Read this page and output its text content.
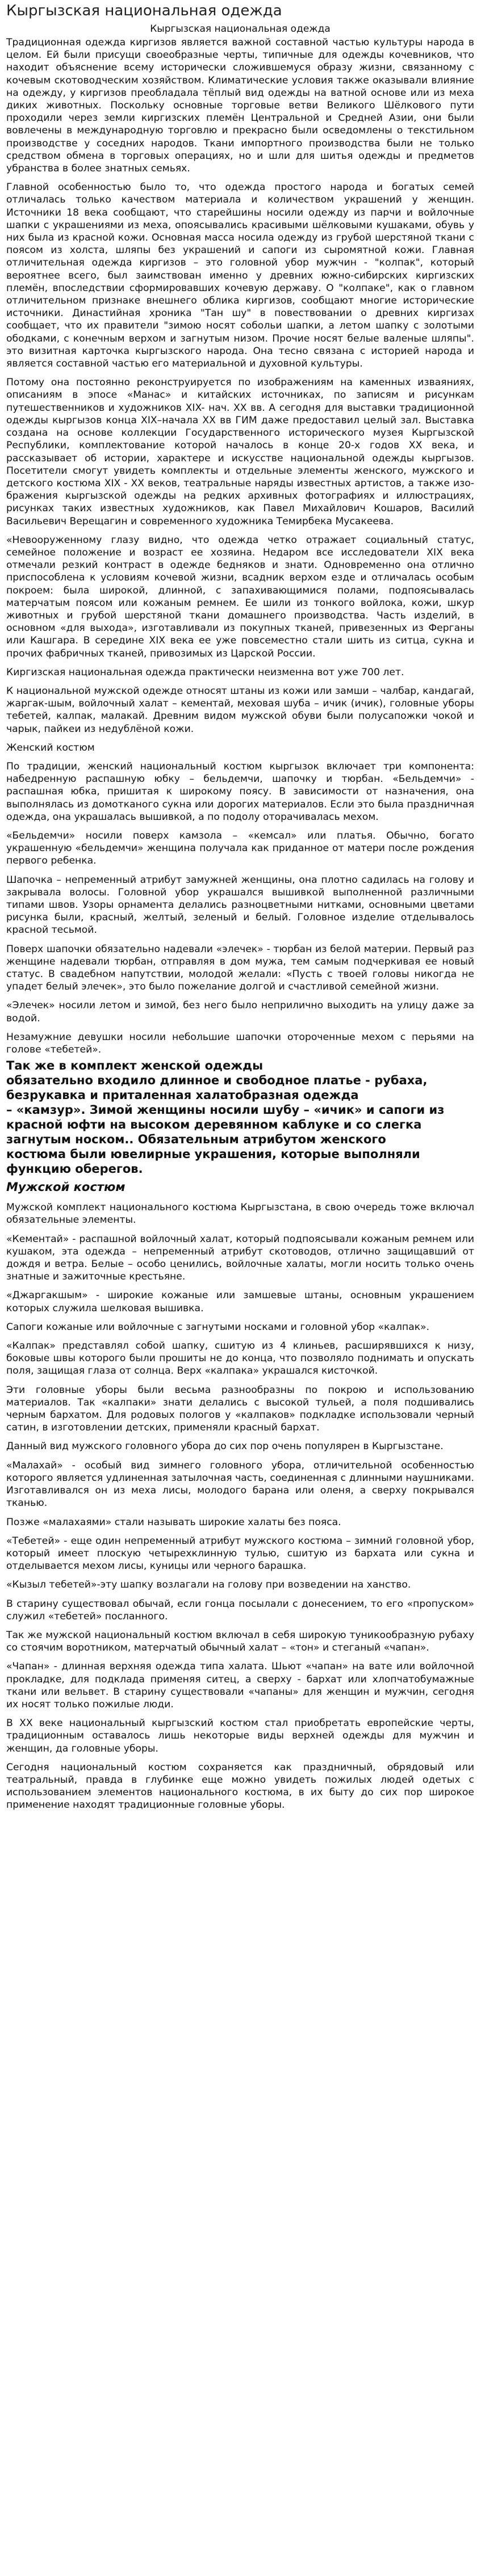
Кыргызская национальная одежда
Кыргызская национальная одежда
Традиционная одежда киргизов является важной составной частью культуры народа в целом. Ей были присущи своеобразные черты, типичные для одежды кочевников, что находит объяснение всему исторически сложившемуся образу жизни, связанному с кочевым скотоводческим хозяйством. Климатические условия также оказывали влияние на одежду, у киргизов преобладала тёплый вид одежды на ватной основе или из меха диких животных. Поскольку основные торговые ветви Великого Шёлкового пути проходили через земли киргизских племён Центральной и Средней Азии, они были вовлечены в международную торговлю и прекрасно были осведомлены о текстильном производстве у соседних народов. Ткани импортного производства были не только средством обмена в торговых операциях, но и шли для шитья одежды и предметов убранства в более знатных семьях.
Главной особенностью было то, что одежда простого народа и богатых семей отличалась только качеством материала и количеством украшений у женщин. Источники 18 века сообщают, что старейшины носили одежду из парчи и войлочные шапки с украшениями из меха, опоясывались красивыми шёлковыми кушаками, обувь у них была из красной кожи. Основная масса носила одежду из грубой шерстяной ткани с поясом из холста, шляпы без украшений и сапоги из сыромятной кожи. Главная отличительная одежда киргизов – это головной убор мужчин - "колпак", который вероятнее всего, был заимствован именно у древних южно-сибирских киргизских племён, впоследствии сформировавших кочевую державу. О "колпаке", как о главном отличительном признаке внешнего облика киргизов, сообщают многие исторические источники. Династийная хроника "Тан шу" в повествовании о древних киргизах сообщает, что их правители "зимою носят собольи шапки, а летом шапку с золотыми ободками, с конечным верхом и загнутым низом. Прочие носят белые валеные шляпы". это визитная карточка кыргызского народа. Она тесно связана с историей народа и является составной частью его материальной и духовной культуры.
Потому она постоянно реконструируется по изображениям на каменных изваяниях, описаниям в эпосе «Манас» и китайских источниках, по записям и рисункам путешественников и художников XIX- нач. XX вв. А сегодня для выставки традиционной одежды кыргызов конца XIX–начала XX вв ГИМ даже предоставил целый зал. Выставка создана на основе коллекции Государственного исторического музея Кыргызской Республики, комплектование которой началось в конце 20-х годов XX века, и рассказывает об истории, характере и искусстве национальной одежды кыргызов. Посетители смогут увидеть комплекты и отдельные элементы женского, мужского и детского костюма XIX - XX веков, театральные наряды известных артистов, а также изо-бражения кыргызской одежды на редких архивных фотографиях и иллюстрациях, рисунках таких известных художников, как Павел Михайлович Кошаров, Василий Васильевич Верещагин и современного художника Темирбека Мусакеева.
«Невооруженному глазу видно, что одежда четко отражает социальный статус, семейное положение и возраст ее хозяина. Недаром все исследователи XIX века отмечали резкий контраст в одежде бедняков и знати. Одновременно она отлично приспособлена к условиям кочевой жизни, всадник верхом езде и отличалась особым покроем: была широкой, длинной, с запахивающимися полами, подпоясывалась матерчатым поясом или кожаным ремнем. Ее шили из тонкого войлока, кожи, шкур животных и грубой шерстяной ткани домашнего производства. Часть изделий, в основном «для выхода», изготавливали из покупных тканей, привезенных из Ферганы или Кашгара. В середине XIX века ее уже повсеместно стали шить из ситца, сукна и прочих фабричных тканей, привозимых из Царской России.
Киргизская национальная одежда практически неизменна вот уже 700 лет.
К национальной мужской одежде относят штаны из кожи или замши – чалбар, кандагай, жаргак-шым, войлочный халат – кементай, меховая шуба – ичик (ичик), головные уборы тебетей, калпак, малакай. Древним видом мужской обуви были полусапожки чокой и чарык, пайкеи из недублёной кожи.
Женский костюм
По традиции, женский национальный костюм кыргызок включает три компонента: набедренную распашную юбку – бельдемчи, шапочку и тюрбан. «Бельдемчи» - распашная юбка, пришитая к широкому поясу. В зависимости от назначения, она выполнялась из домотканого сукна или дорогих материалов. Если это была праздничная одежда, она украшалась вышивкой, а по подолу оторачивалась мехом.
«Бельдемчи» носили поверх камзола – «кемсал» или платья. Обычно, богато украшенную «бельдемчи» женщина получала как приданное от матери после рождения первого ребенка.
Шапочка – непременный атрибут замужней женщины, она плотно садилась на голову и закрывала волосы. Головной убор украшался вышивкой выполненной различными типами швов. Узоры орнамента делались разноцветными нитками, основными цветами рисунка были, красный, желтый, зеленый и белый. Головное изделие отделывалось красной тесьмой.
Поверх шапочки обязательно надевали «элечек» - тюрбан из белой материи. Первый раз женщине надевали тюрбан, отправляя в дом мужа, тем самым подчеркивая ее новый статус. В свадебном напутствии, молодой желали: «Пусть с твоей головы никогда не упадет белый элечек», это было пожелание долгой и счастливой семейной жизни.
«Элечек» носили летом и зимой, без него было неприлично выходить на улицу даже за водой.
Незамужние девушки носили небольшие шапочки отороченные мехом с перьями на голове «тебетей».
Так же в комплект женской одежды
обязательно входило длинное и свободное платье - рубаха,
безрукавка и приталенная халатобразная одежда
– «камзур». Зимой женщины носили шубу – «ичик» и сапоги из
красной юфти на высоком деревянном каблуке и со слегка
загнутым носком.. Обязательным атрибутом женского
костюма были ювелирные украшения, которые выполняли
функцию оберегов.
Мужской костюм
Мужской комплект национального костюма Кыргызстана, в свою очередь тоже включал обязательные элементы.
«Кементай» - распашной войлочный халат, который подпоясывали кожаным ремнем или кушаком, эта одежда – непременный атрибут скотоводов, отлично защищавший от дождя и ветра. Белые – особо ценились, войлочные халаты, могли носить только очень знатные и зажиточные крестьяне.
«Джаргакшым» - широкие кожаные или замшевые штаны, основным украшением которых служила шелковая вышивка.
Сапоги кожаные или войлочные с загнутыми носками и головной убор «калпак».
«Калпак» представлял собой шапку, сшитую из 4 клиньев, расширявшихся к низу, боковые швы которого были прошиты не до конца, что позволяло поднимать и опускать поля, защищая глаза от солнца. Верх «калпака» украшался кисточкой.
Эти головные уборы были весьма разнообразны по покрою и использованию материалов. Так «калпаки» знати делались с высокой тульей, а поля подшивались черным бархатом. Для родовых пологов у «калпаков» подкладке использовали черный сатин, в изготовлении детских, применяли красный бархат.
Данный вид мужского головного убора до сих пор очень популярен в Кыргызстане.
«Малахай» - особый вид зимнего головного убора, отличительной особенностью которого является удлиненная затылочная часть, соединенная с длинными наушниками. Изготавливался он из меха лисы, молодого барана или оленя, а сверху покрывался тканью.
Позже «малахаями» стали называть широкие халаты без пояса.
«Тебетей» - еще один непременный атрибут мужского костюма – зимний головной убор, который имеет плоскую четырехклинную тулью, сшитую из бархата или сукна и отделывается мехом лисы, куницы или черного барашка.
«Кызыл тебетей»-эту шапку возлагали на голову при возведении на ханство.
В старину существовал обычай, если гонца посылали с донесением, то его «пропуском» служил «тебетей» посланного.
Так же мужской национальный костюм включал в себя широкую туникообразную рубаху со стоячим воротником, матерчатый обычный халат – «тон» и стеганый «чапан».
«Чапан» - длинная верхняя одежда типа халата. Шьют «чапан» на вате или войлочной прокладке, для подклада применяя ситец, а сверху - бархат или хлопчатобумажные ткани или вельвет. В старину существовали «чапаны» для женщин и мужчин, сегодня их носят только пожилые люди.
В XX веке национальный кыргызский костюм стал приобретать европейские черты, традиционным оставалось лишь некоторые виды верхней одежды для мужчин и женщин, да головные уборы.
Сегодня национальный костюм сохраняется как праздничный, обрядовый или театральный, правда в глубинке еще можно увидеть пожилых людей одетых с использованием элементов национального костюма, в их быту до сих пор широкое применение находят традиционные головные уборы.
